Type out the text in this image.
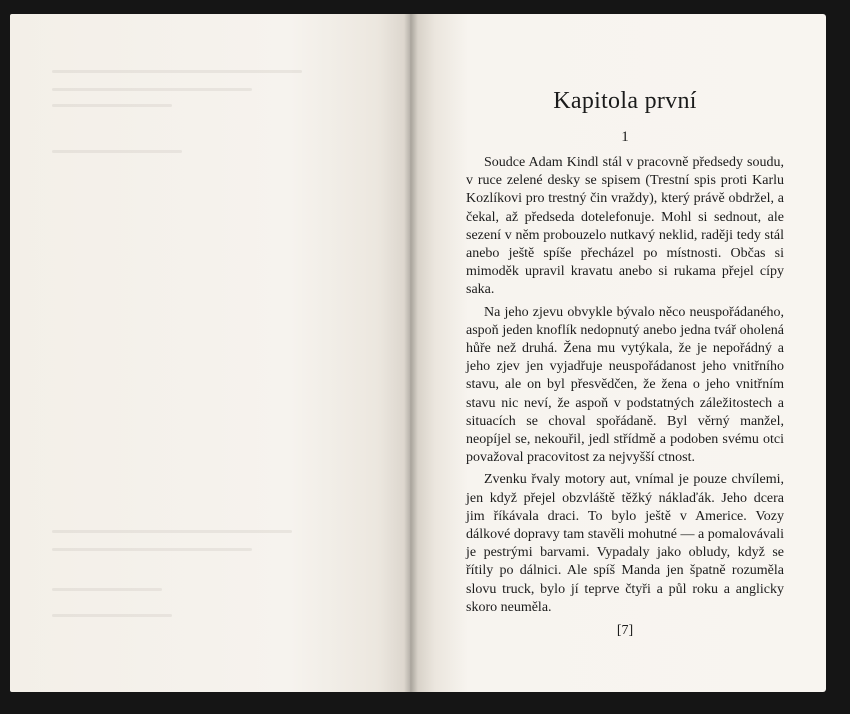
Kapitola první
1

Soudce Adam Kindl stál v pracovně předsedy soudu, v ruce zelené desky se spisem (Trestní spis proti Karlu Kozlíkovi pro trestný čin vraždy), který právě obdržel, a čekal, až předseda dotelefonuje. Mohl si sednout, ale sezení v něm probouzelo nutkavý neklid, raději tedy stál anebo ještě spíše přecházel po místnosti. Občas si mimoděk upravil kravatu anebo si rukama přejel cípy saka.

Na jeho zjevu obvykle bývalo něco neuspořádaného, aspoň jeden knoflík nedopnutý anebo jedna tvář oholená hůře než druhá. Žena mu vytýkala, že je nepořádný a jeho zjev jen vyjadřuje neuspořádanost jeho vnitřního stavu, ale on byl přesvědčen, že žena o jeho vnitřním stavu nic neví, že aspoň v podstatných záležitostech a situacích se choval spořádaně. Byl věrný manžel, neopíjel se, nekouřil, jedl střídmě a podoben svému otci považoval pracovitost za nejvyšší ctnost.

Zvenku řvaly motory aut, vnímal je pouze chvílemi, jen když přejel obzvláště těžký náklaďák. Jeho dcera jim říkávala draci. To bylo ještě v Americe. Vozy dálkové dopravy tam stavěli mohutné — a pomalovávali je pestrými barvami. Vypadaly jako obludy, když se řítily po dálnici. Ale spíš Manda jen špatně rozuměla slovu truck, bylo jí teprve čtyři a půl roku a anglicky skoro neuměla.

[7]
